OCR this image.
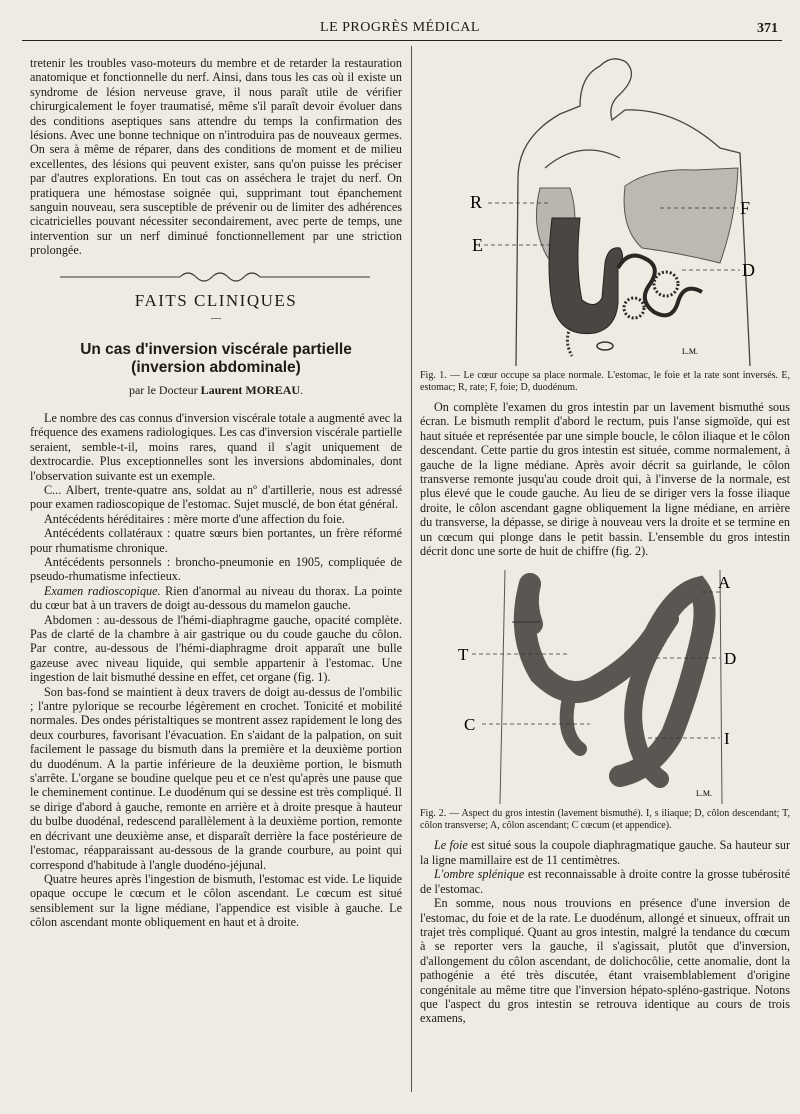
LE PROGRÈS MÉDICAL	371

tretenir les troubles vaso-moteurs du membre et de retarder la restauration anatomique et fonctionnelle du nerf. Ainsi, dans tous les cas où il existe un syndrome de lésion nerveuse grave, il nous paraît utile de vérifier chirurgicalement le foyer traumatisé, même s'il paraît devoir évoluer dans des conditions aseptiques sans attendre du temps la confirmation des lésions. Avec une bonne technique on n'introduira pas de nouveaux germes. On sera à même de réparer, dans des conditions de moment et de milieu excellentes, des lésions qui peuvent exister, sans qu'on puisse les préciser par d'autres explorations. En tout cas on asséchera le trajet du nerf. On pratiquera une hémostase soignée qui, supprimant tout épanchement sanguin nouveau, sera susceptible de prévenir ou de limiter des adhérences cicatricielles pouvant nécessiter secondairement, avec perte de temps, une intervention sur un nerf diminué fonctionnellement par une striction prolongée.

FAITS CLINIQUES
—
Un cas d'inversion viscérale partielle
(inversion abdominale)
par le Docteur Laurent MOREAU.

Le nombre des cas connus d'inversion viscérale totale a augmenté avec la fréquence des examens radiologiques. Les cas d'inversion viscérale partielle seraient, semble-t-il, moins rares, quand il s'agit uniquement de dextrocardie. Plus exceptionnelles sont les inversions abdominales, dont l'observation suivante est un exemple.

C... Albert, trente-quatre ans, soldat au nº d'artillerie, nous est adressé pour examen radioscopique de l'estomac. Sujet musclé, de bon état général.

Antécédents héréditaires : mère morte d'une affection du foie.

Antécédents collatéraux : quatre sœurs bien portantes, un frère réformé pour rhumatisme chronique.

Antécédents personnels : broncho-pneumonie en 1905, compliquée de pseudo-rhumatisme infectieux.

Examen radioscopique. Rien d'anormal au niveau du thorax. La pointe du cœur bat à un travers de doigt au-dessous du mamelon gauche.

Abdomen : au-dessous de l'hémi-diaphragme gauche, opacité complète. Pas de clarté de la chambre à air gastrique ou du coude gauche du côlon. Par contre, au-dessous de l'hémi-diaphragme droit apparaît une bulle gazeuse avec niveau liquide, qui semble appartenir à l'estomac. Une ingestion de lait bismuthé dessine en effet, cet organe (fig. 1).

Son bas-fond se maintient à deux travers de doigt au-dessus de l'ombilic ; l'antre pylorique se recourbe légèrement en crochet. Tonicité et mobilité normales. Des ondes péristaltiques se montrent assez rapidement le long des deux courbures, favorisant l'évacuation. En s'aidant de la palpation, on suit facilement le passage du bismuth dans la première et la deuxième portion du duodénum. A la partie inférieure de la deuxième portion, le bismuth s'arrête. L'organe se boudine quelque peu et ce n'est qu'après une pause que le cheminement continue. Le duodénum qui se dessine est très compliqué. Il se dirige d'abord à gauche, remonte en arrière et à droite presque à hauteur du bulbe duodénal, redescend parallèlement à la deuxième portion, remonte en décrivant une deuxième anse, et disparaît derrière la face postérieure de l'estomac, réapparaissant au-dessous de la grande courbure, au point qui correspond d'habitude à l'angle duodéno-jéjunal.

Quatre heures après l'ingestion de bismuth, l'estomac est vide. Le liquide opaque occupe le cœcum et le côlon ascendant. Le cœcum est situé sensiblement sur la ligne médiane, l'appendice est visible à gauche. Le côlon ascendant monte obliquement en haut et à droite.

R
E
F
D
L.M.
Fig. 1. — Le cœur occupe sa place normale. L'estomac, le foie et la rate sont inversés. E, estomac; R, rate; F, foie; D, duodénum.

On complète l'examen du gros intestin par un lavement bismuthé sous écran. Le bismuth remplit d'abord le rectum, puis l'anse sigmoïde, qui est haut située et représentée par une simple boucle, le côlon iliaque et le côlon descendant. Cette partie du gros intestin est située, comme normalement, à gauche de la ligne médiane. Après avoir décrit sa guirlande, le côlon transverse remonte jusqu'au coude droit qui, à l'inverse de la normale, est plus élevé que le coude gauche. Au lieu de se diriger vers la fosse iliaque droite, le côlon ascendant gagne obliquement la ligne médiane, en arrière du transverse, la dépasse, se dirige à nouveau vers la droite et se termine en un cœcum qui plonge dans le petit bassin. L'ensemble du gros intestin décrit donc une sorte de huit de chiffre (fig. 2).

A
T	D
C
I
L.M.
Fig. 2. — Aspect du gros intestin (lavement bismuthé). I, s iliaque; D, côlon descendant; T, côlon transverse; A, côlon ascendant; C cœcum (et appendice).

Le foie est situé sous la coupole diaphragmatique gauche. Sa hauteur sur la ligne mamillaire est de 11 centimètres.

L'ombre splénique est reconnaissable à droite contre la grosse tubérosité de l'estomac.

En somme, nous nous trouvions en présence d'une inversion de l'estomac, du foie et de la rate. Le duodénum, allongé et sinueux, offrait un trajet très compliqué. Quant au gros intestin, malgré la tendance du cœcum à se reporter vers la gauche, il s'agissait, plutôt que d'inversion, d'allongement du côlon ascendant, de dolichocôlie, cette anomalie, dont la pathogénie a été très discutée, étant vraisemblablement d'origine congénitale au même titre que l'inversion hépato-spléno-gastrique. Notons que l'aspect du gros intestin se retrouva identique au cours de trois examens,
